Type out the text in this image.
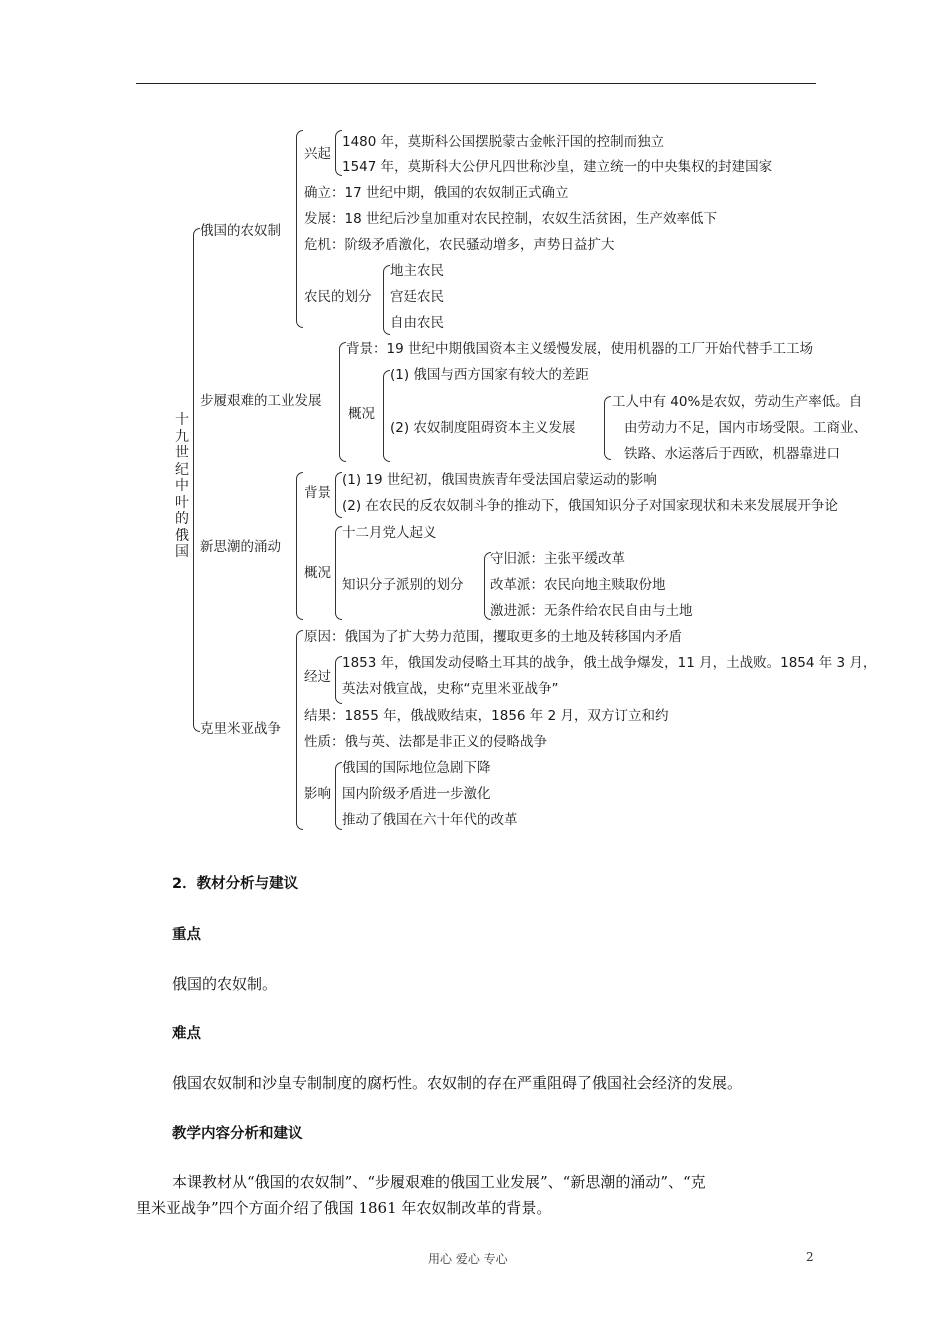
十九世纪中叶的俄国
俄国的农奴制
兴起
1480 年，莫斯科公国摆脱蒙古金帐汗国的控制而独立
1547 年，莫斯科大公伊凡四世称沙皇，建立统一的中央集权的封建国家
确立：17 世纪中期，俄国的农奴制正式确立
发展：18 世纪后沙皇加重对农民控制，农奴生活贫困，生产效率低下
危机：阶级矛盾激化，农民骚动增多，声势日益扩大
农民的划分
地主农民
宫廷农民
自由农民
步履艰难的工业发展
背景：19 世纪中期俄国资本主义缓慢发展，使用机器的工厂开始代替手工工场
概况
(1) 俄国与西方国家有较大的差距
(2) 农奴制度阻碍资本主义发展
工人中有 40%是农奴，劳动生产率低。自
由劳动力不足，国内市场受限。工商业、
铁路、水运落后于西欧，机器靠进口
新思潮的涌动
背景
(1) 19 世纪初，俄国贵族青年受法国启蒙运动的影响
(2) 在农民的反农奴制斗争的推动下，俄国知识分子对国家现状和未来发展展开争论
概况
十二月党人起义
知识分子派别的划分
守旧派：主张平缓改革
改革派：农民向地主赎取份地
激进派：无条件给农民自由与土地
克里米亚战争
原因：俄国为了扩大势力范围，攫取更多的土地及转移国内矛盾
经过
1853 年，俄国发动侵略土耳其的战争，俄土战争爆发，11 月，土战败。1854 年 3 月，
英法对俄宣战，史称“克里米亚战争”
结果：1855 年，俄战败结束，1856 年 2 月，双方订立和约
性质：俄与英、法都是非正义的侵略战争
影响
俄国的国际地位急剧下降
国内阶级矛盾进一步激化
推动了俄国在六十年代的改革
2．教材分析与建议
重点
俄国的农奴制。
难点
俄国农奴制和沙皇专制制度的腐朽性。农奴制的存在严重阻碍了俄国社会经济的发展。
教学内容分析和建议
本课教材从“俄国的农奴制”、“步履艰难的俄国工业发展”、“新思潮的涌动”、“克
里米亚战争”四个方面介绍了俄国 1861 年农奴制改革的背景。
用心 爱心 专心	2
